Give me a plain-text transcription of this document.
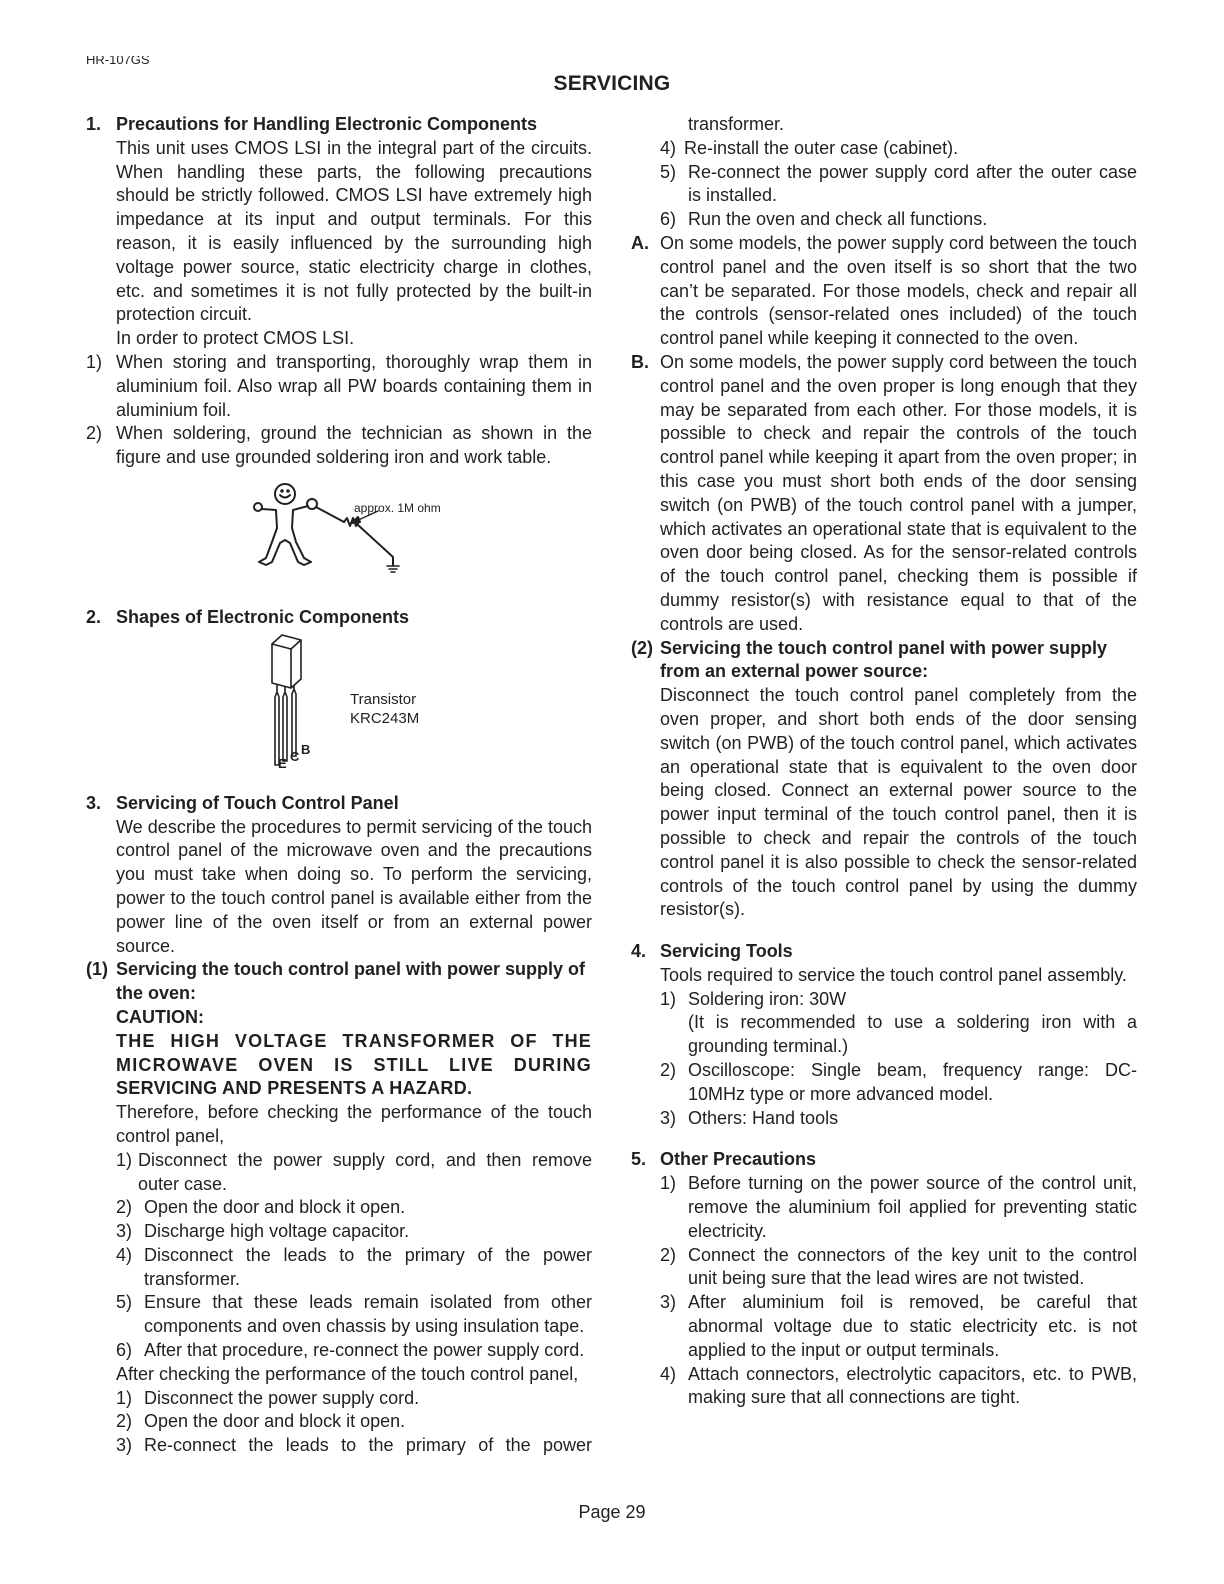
HR-107GS
SERVICING
1. Precautions for Handling Electronic Components

This unit uses CMOS LSI in the integral part of the circuits. When handling these parts, the following precautions should be strictly followed. CMOS LSI have extremely high impedance at its input and output terminals. For this reason, it is easily influenced by the surrounding high voltage power source, static electricity charge in clothes, etc. and sometimes it is not fully protected by the built-in protection circuit.

In order to protect CMOS LSI.

1) When storing and transporting, thoroughly wrap them in aluminium foil. Also wrap all PW boards containing them in aluminium foil.
2) When soldering, ground the technician as shown in the figure and use grounded soldering iron and work table.
approx. 1M ohm
2. Shapes of Electronic Components
Transistor
KRC243M
E C B
3. Servicing of Touch Control Panel

We describe the procedures to permit servicing of the touch control panel of the microwave oven and the precautions you must take when doing so. To perform the servicing, power to the touch control panel is available either from the power line of the oven itself or from an external power source.

(1) Servicing the touch control panel with power supply of the oven:
CAUTION:
THE HIGH VOLTAGE TRANSFORMER OF THE
MICROWAVE OVEN IS STILL LIVE DURING
SERVICING AND PRESENTS A HAZARD.

Therefore, before checking the performance of the touch control panel,

1) Disconnect the power supply cord, and then remove outer case.
2) Open the door and block it open.
3) Discharge high voltage capacitor.
4) Disconnect the leads to the primary of the power transformer.
5) Ensure that these leads remain isolated from other components and oven chassis by using insulation tape.
6) After that procedure, re-connect the power supply cord.

After checking the performance of the touch control panel,

1) Disconnect the power supply cord.
2) Open the door and block it open.
3) Re-connect the leads to the primary of the power
transformer.
4) Re-install the outer case (cabinet).
5) Re-connect the power supply cord after the outer case is installed.
6) Run the oven and check all functions.
A. On some models, the power supply cord between the touch control panel and the oven itself is so short that the two can’t be separated. For those models, check and repair all the controls (sensor-related ones included) of the touch control panel while keeping it connected to the oven.
B. On some models, the power supply cord between the touch control panel and the oven proper is long enough that they may be separated from each other. For those models, it is possible to check and repair the controls of the touch control panel while keeping it apart from the oven proper; in this case you must short both ends of the door sensing switch (on PWB) of the touch control panel with a jumper, which activates an operational state that is equivalent to the oven door being closed. As for the sensor-related controls of the touch control panel, checking them is possible if dummy resistor(s) with resistance equal to that of the controls are used.
(2) Servicing the touch control panel with power supply from an external power source:

Disconnect the touch control panel completely from the oven proper, and short both ends of the door sensing switch (on PWB) of the touch control panel, which activates an operational state that is equivalent to the oven door being closed. Connect an external power source to the power input terminal of the touch control panel, then it is possible to check and repair the controls of the touch control panel it is also possible to check the sensor-related controls of the touch control panel by using the dummy resistor(s).

4. Servicing Tools

Tools required to service the touch control panel assembly.

1) Soldering iron: 30W

(It is recommended to use a soldering iron with a grounding terminal.)

2) Oscilloscope: Single beam, frequency range: DC-10MHz type or more advanced model.
3) Others: Hand tools
5. Other Precautions
1) Before turning on the power source of the control unit, remove the aluminium foil applied for preventing static electricity.
2) Connect the connectors of the key unit to the control unit being sure that the lead wires are not twisted.
3) After aluminium foil is removed, be careful that abnormal voltage due to static electricity etc. is not applied to the input or output terminals.
4) Attach connectors, electrolytic capacitors, etc. to PWB, making sure that all connections are tight.
Page 29
